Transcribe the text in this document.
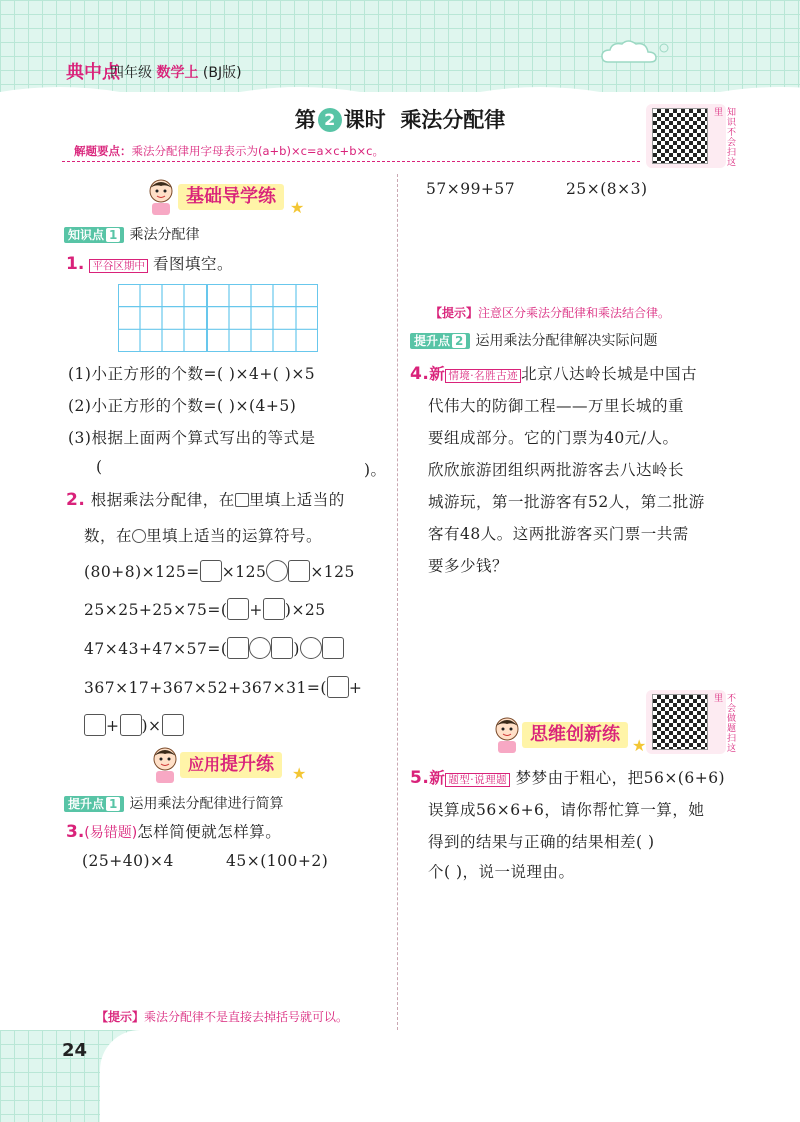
典中点
四年级 数学上 (BJ版)
第 2 课时 乘法分配律	知识不会扫这里
解题要点：乘法分配律用字母表示为(a+b)×c=a×c+b×c。
基础导学练
★
知识点 1 乘法分配律
1. 平谷区期中 看图填空。
(1)小正方形的个数=( )×4+( )×5
(2)小正方形的个数=( )×(4+5)
(3)根据上面两个算式写出的等式是
(	)。
2. 根据乘法分配律，在 里填上适当的
数，在 里填上适当的运算符号。
(80+8)×125= ×125	×125
25×25+25×75=( + )×25
47×43+47×57=(	)
367×17+367×52+367×31=( +
+ )×
应用提升练	★
提升点 1 运用乘法分配律进行简算
3.(易错题)怎样简便就怎样算。
(25+40)×4	45×(100+2)
【提示】乘法分配律不是直接去掉括号就可以。
57×99+57	25×(8×3)
【提示】注意区分乘法分配律和乘法结合律。
提升点 2 运用乘法分配律解决实际问题
4.新 情境·名胜古迹 北京八达岭长城是中国古
代伟大的防御工程——万里长城的重
要组成部分。它的门票为40元/人。
欣欣旅游团组织两批游客去八达岭长
城游玩，第一批游客有52人，第二批游
客有48人。这两批游客买门票一共需
要多少钱？
不会做题扫这里
思维创新练
★
5.新 题型·说理题 梦梦由于粗心，把56×(6+6)
误算成56×6+6，请你帮忙算一算，她
得到的结果与正确的结果相差( )
个( )，说一说理由。
24
